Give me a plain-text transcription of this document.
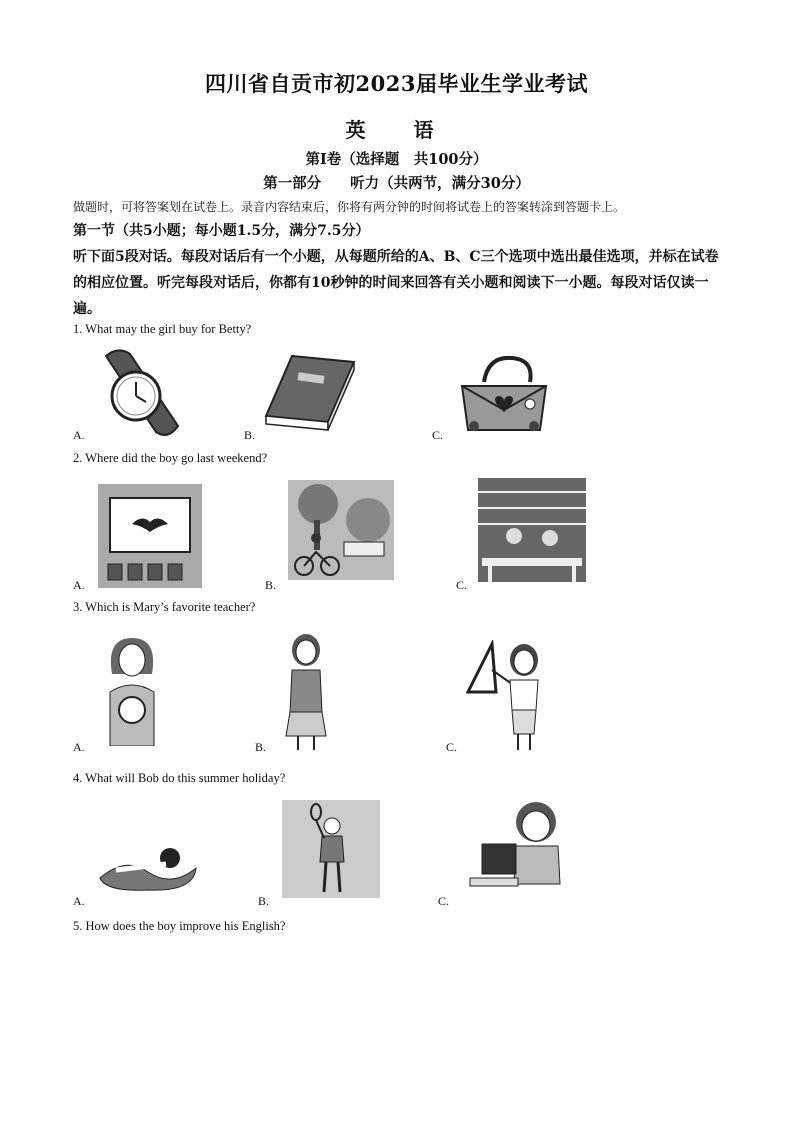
四川省自贡市初2023届毕业生学业考试
英　语
第Ⅰ卷（选择题　共100分）
第一部分　　听力（共两节，满分30分）
做题时，可将答案划在试卷上。录音内容结束后，你将有两分钟的时间将试卷上的答案转涂到答题卡上。
第一节（共5小题；每小题1.5分，满分7.5分）
听下面5段对话。每段对话后有一个小题，从每题所给的A、B、C三个选项中选出最佳选项，并标在试卷的相应位置。听完每段对话后，你都有10秒钟的时间来回答有关小题和阅读下一小题。每段对话仅读一遍。
1. What may the girl buy for Betty?
A.	B.	C.
2. Where did the boy go last weekend?
A.	B.	C.
3. Which is Mary’s favorite teacher?
A.	B.	C.
4. What will Bob do this summer holiday?
A.	B.	C.
5. How does the boy improve his English?
